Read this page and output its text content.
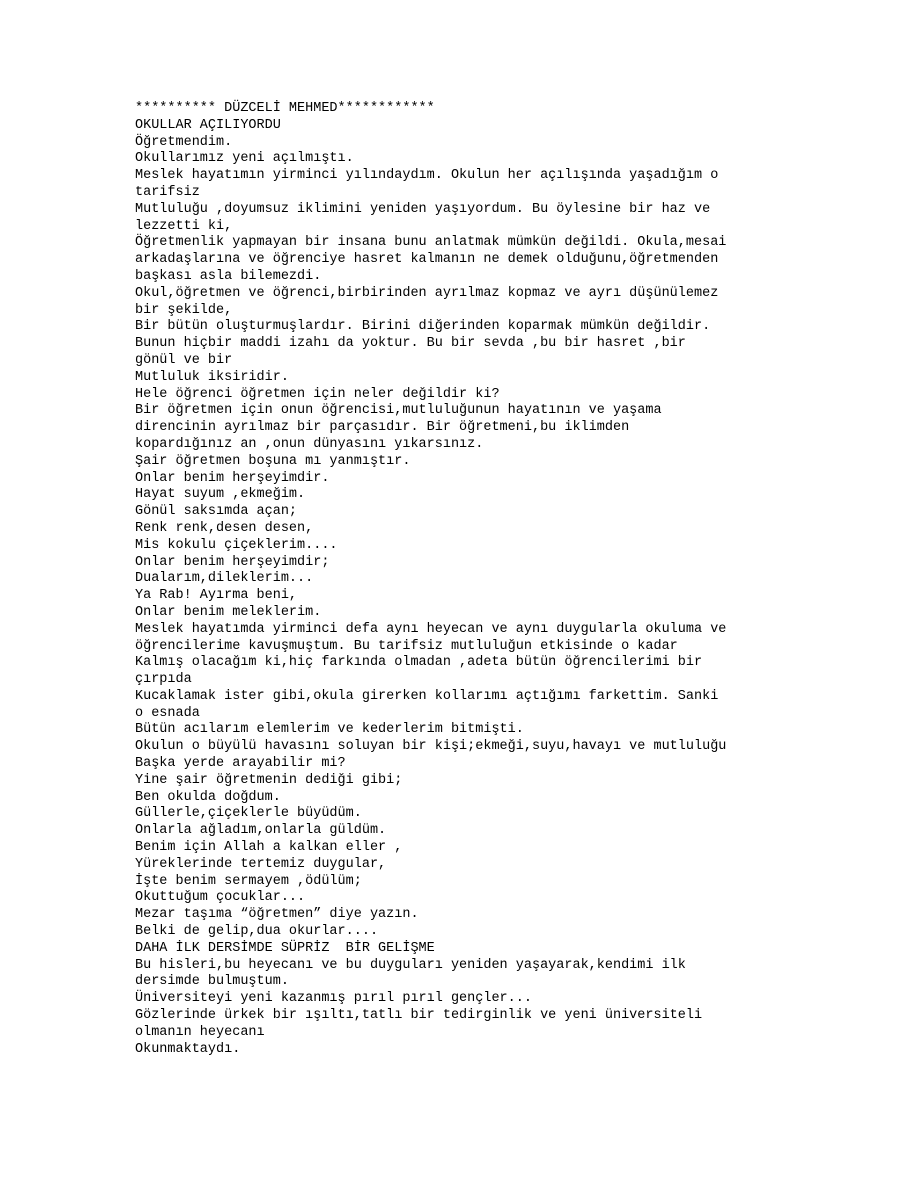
********** DÜZCELİ MEHMED************
OKULLAR AÇILIYORDU
Öğretmendim.
Okullarımız yeni açılmıştı.
Meslek hayatımın yirminci yılındaydım. Okulun her açılışında yaşadığım o
tarifsiz
Mutluluğu ,doyumsuz iklimini yeniden yaşıyordum. Bu öylesine bir haz ve
lezzetti ki,
Öğretmenlik yapmayan bir insana bunu anlatmak mümkün değildi. Okula,mesai
arkadaşlarına ve öğrenciye hasret kalmanın ne demek olduğunu,öğretmenden
başkası asla bilemezdi.
Okul,öğretmen ve öğrenci,birbirinden ayrılmaz kopmaz ve ayrı düşünülemez
bir şekilde,
Bir bütün oluşturmuşlardır. Birini diğerinden koparmak mümkün değildir.
Bunun hiçbir maddi izahı da yoktur. Bu bir sevda ,bu bir hasret ,bir
gönül ve bir
Mutluluk iksiridir.
Hele öğrenci öğretmen için neler değildir ki?
Bir öğretmen için onun öğrencisi,mutluluğunun hayatının ve yaşama
direncinin ayrılmaz bir parçasıdır. Bir öğretmeni,bu iklimden
kopardığınız an ,onun dünyasını yıkarsınız.
Şair öğretmen boşuna mı yanmıştır.
Onlar benim herşeyimdir.
Hayat suyum ,ekmeğim.
Gönül saksımda açan;
Renk renk,desen desen,
Mis kokulu çiçeklerim....
Onlar benim herşeyimdir;
Dualarım,dileklerim...
Ya Rab! Ayırma beni,
Onlar benim meleklerim.
Meslek hayatımda yirminci defa aynı heyecan ve aynı duygularla okuluma ve
öğrencilerime kavuşmuştum. Bu tarifsiz mutluluğun etkisinde o kadar
Kalmış olacağım ki,hiç farkında olmadan ,adeta bütün öğrencilerimi bir
çırpıda
Kucaklamak ister gibi,okula girerken kollarımı açtığımı farkettim. Sanki
o esnada
Bütün acılarım elemlerim ve kederlerim bitmişti.
Okulun o büyülü havasını soluyan bir kişi;ekmeği,suyu,havayı ve mutluluğu
Başka yerde arayabilir mi?
Yine şair öğretmenin dediği gibi;
Ben okulda doğdum.
Güllerle,çiçeklerle büyüdüm.
Onlarla ağladım,onlarla güldüm.
Benim için Allah a kalkan eller ,
Yüreklerinde tertemiz duygular,
İşte benim sermayem ,ödülüm;
Okuttuğum çocuklar...
Mezar taşıma “öğretmen” diye yazın.
Belki de gelip,dua okurlar....
DAHA İLK DERSİMDE SÜPRİZ  BİR GELİŞME
Bu hisleri,bu heyecanı ve bu duyguları yeniden yaşayarak,kendimi ilk
dersimde bulmuştum.
Üniversiteyi yeni kazanmış pırıl pırıl gençler...
Gözlerinde ürkek bir ışıltı,tatlı bir tedirginlik ve yeni üniversiteli
olmanın heyecanı
Okunmaktaydı.
